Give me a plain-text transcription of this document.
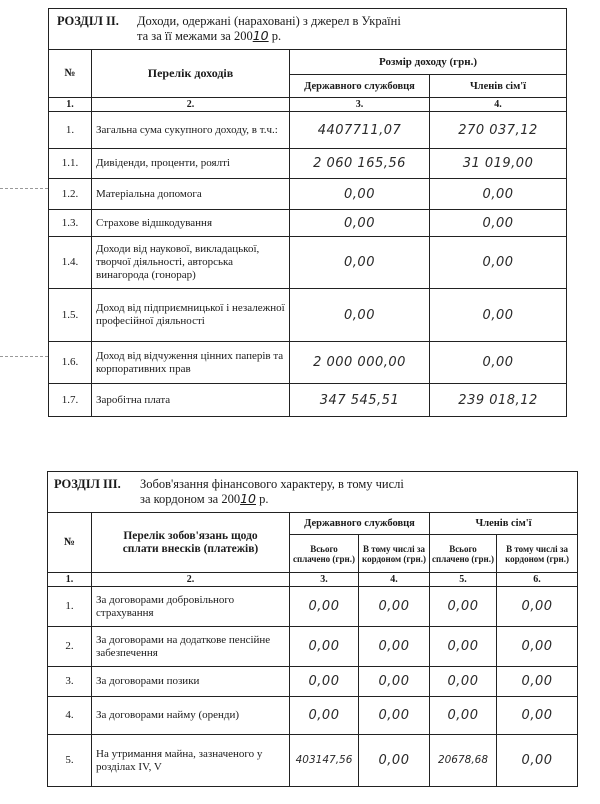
РОЗДІЛ ІІ. Доходи, одержані (нараховані) з джерел в Україні
та за її межами за 20010 р.			

№	Перелік доходів	Розмір доходу (грн.)	
		Державного службовця	Членів сім'ї
1.	2.	3.	4.
1.	Загальна сума сукупного доходу, в т.ч.:	4407711,07	270 037,12
1.1.	Дивіденди, проценти, роялті	2 060 165,56	31 019,00
1.2.	Матеріальна допомога	0,00	0,00
1.3.	Страхове відшкодування	0,00	0,00
1.4.	Доходи від наукової, викладацької, творчої діяльності, авторська винагорода (гонорар)	0,00	0,00
1.5.	Доход від підприємницької і незалежної професійної діяльності	0,00	0,00
1.6.	Доход від відчуження цінних паперів та корпоративних прав	2 000 000,00	0,00
1.7.	Заробітна плата	347 545,51	239 018,12
РОЗДІЛ ІІІ. Зобов'язання фінансового характеру, в тому числі
за кордоном за 20010 р.					

№	Перелік зобов'язань щодо сплати внесків (платежів)	Державного службовця		Членів сім'ї	
		Всього сплачено (грн.)	В тому числі за кордоном (грн.)	Всього сплачено (грн.)	В тому числі за кордоном (грн.)
1.	2.	3.	4.	5.	6.
1.	За договорами добровільного страхування	0,00	0,00	0,00	0,00
2.	За договорами на додаткове пенсійне забезпечення	0,00	0,00	0,00	0,00
3.	За договорами позики	0,00	0,00	0,00	0,00
4.	За договорами найму (оренди)	0,00	0,00	0,00	0,00
5.	На утримання майна, зазначеного у розділах IV, V	403147,56	0,00	20678,68	0,00
